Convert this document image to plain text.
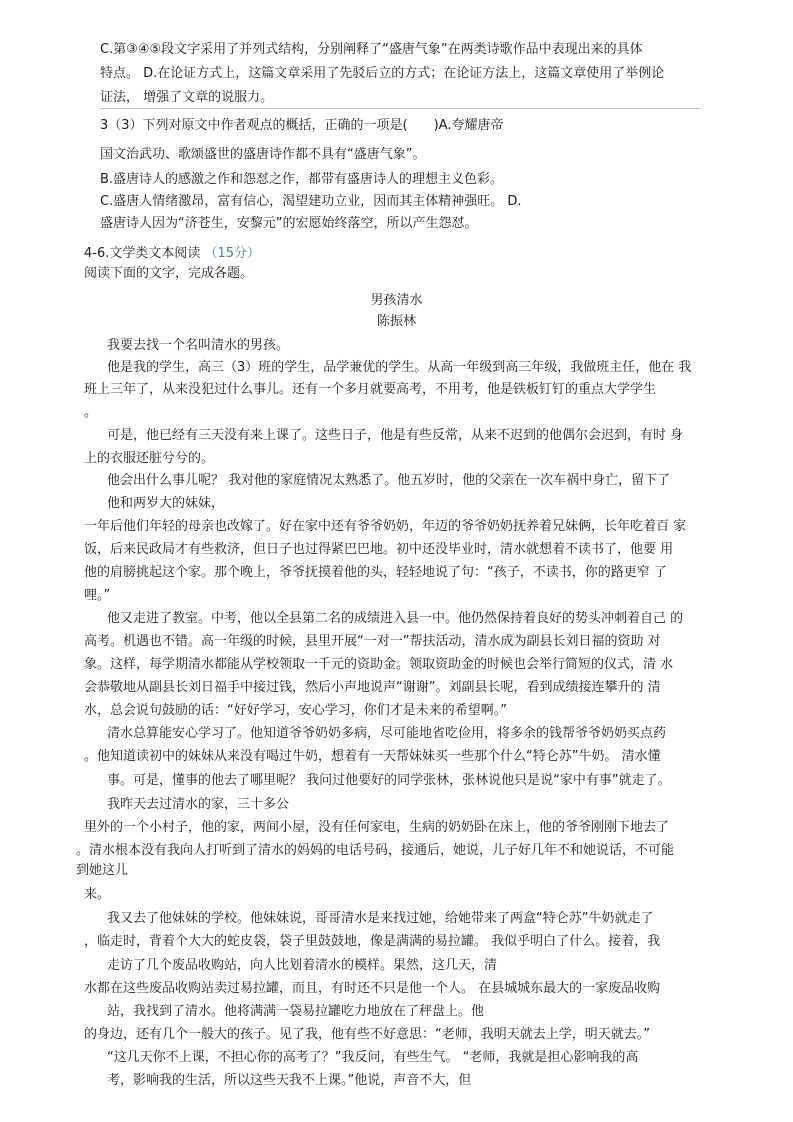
C.第③④⑤段文字采用了并列式结构，分别阐释了“盛唐气象”在两类诗歌作品中表现出来的具体
特点。 D.在论证方式上，这篇文章采用了先驳后立的方式；在论证方法上，这篇文章使用了举例论
证法， 增强了文章的说服力。
3（3）下列对原文中作者观点的概括，正确的一项是(　　)A.夸耀唐帝
国文治武功、歌颂盛世的盛唐诗作都不具有“盛唐气象”。
B.盛唐诗人的感激之作和怨怼之作，都带有盛唐诗人的理想主义色彩。
C.盛唐人情绪激昂，富有信心，渴望建功立业，因而其主体精神强旺。 D.
盛唐诗人因为“济苍生，安黎元”的宏愿始终落空，所以产生怨怼。
4-6.文学类文本阅读 （15分）
阅读下面的文字，完成各题。
男孩清水
陈振林
我要去找一个名叫清水的男孩。
他是我的学生，高三（3）班的学生，品学兼优的学生。从高一年级到高三年级，我做班主任，他在 我
班上三年了，从来没犯过什么事儿。还有一个多月就要高考，不用考，他是铁板钉钉的重点大学学生
。
可是，他已经有三天没有来上课了。这些日子，他是有些反常，从来不迟到的他偶尔会迟到，有时 身
上的衣服还脏兮兮的。
他会出什么事儿呢？ 我对他的家庭情况太熟悉了。他五岁时，他的父亲在一次车祸中身亡，留下了
他和两岁大的妹妹，
一年后他们年轻的母亲也改嫁了。好在家中还有爷爷奶奶，年迈的爷爷奶奶抚养着兄妹俩，长年吃着百 家
饭，后来民政局才有些救济，但日子也过得紧巴巴地。初中还没毕业时，清水就想着不读书了，他要 用
他的肩膀挑起这个家。那个晚上，爷爷抚摸着他的头，轻轻地说了句：“孩子，不读书，你的路更窄 了
哩。”
他又走进了教室。中考，他以全县第二名的成绩进入县一中。他仍然保持着良好的势头冲刺着自己 的
高考。机遇也不错。高一年级的时候，县里开展“一对一”帮扶活动，清水成为副县长刘日福的资助 对
象。这样，每学期清水都能从学校领取一千元的资助金。领取资助金的时候也会举行简短的仪式，清 水
会恭敬地从副县长刘日福手中接过钱，然后小声地说声“谢谢”。刘副县长呢，看到成绩接连攀升的 清
水，总会说句鼓励的话：“好好学习，安心学习，你们才是未来的希望啊。”
清水总算能安心学习了。他知道爷爷奶奶多病，尽可能地省吃俭用，将多余的钱帮爷爷奶奶买点药
。他知道读初中的妹妹从来没有喝过牛奶，想着有一天帮妹妹买一些那个什么“特仑苏”牛奶。 清水懂
事。可是，懂事的他去了哪里呢？ 我问过他要好的同学张林，张林说他只是说“家中有事”就走了。
我昨天去过清水的家，三十多公
里外的一个小村子，他的家，两间小屋，没有任何家电，生病的奶奶卧在床上，他的爷爷刚刚下地去了
。清水根本没有我向人打听到了清水的妈妈的电话号码，接通后，她说，儿子好几年不和她说话，不可能
到她这儿
来。
我又去了他妹妹的学校。他妹妹说，哥哥清水是来找过她，给她带来了两盒“特仑苏”牛奶就走了
，临走时，背着个大大的蛇皮袋，袋子里鼓鼓地，像是满满的易拉罐。 我似乎明白了什么。接着，我
走访了几个废品收购站，向人比划着清水的模样。果然，这几天，清
水都在这些废品收购站卖过易拉罐，而且，有时还不只是他一个人。 在县城城东最大的一家废品收购
站，我找到了清水。他将满满一袋易拉罐吃力地放在了秤盘上。他
的身边，还有几个一般大的孩子。见了我，他有些不好意思：“老师，我明天就去上学，明天就去。”
“这几天你不上课，不担心你的高考了？”我反问，有些生气。 “老师，我就是担心影响我的高
考，影响我的生活，所以这些天我不上课。”他说，声音不大，但
